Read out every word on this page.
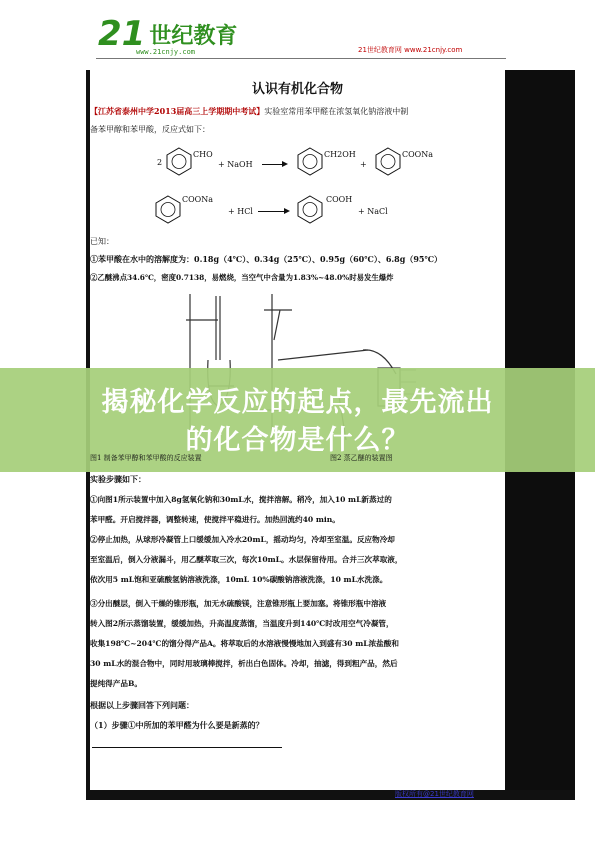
21 世纪教育
www.21cnjy.com	21世纪教育网 www.21cnjy.com
认识有机化合物
【江苏省泰州中学2013届高三上学期期中考试】实验室常用苯甲醛在浓氢氧化钠溶液中制
备苯甲醇和苯甲酸，反应式如下：
2
CHO
+ NaOH →
CH2OH
+
COONa
COONa
+ HCl →
COOH
+ NaCl
已知：
①苯甲酸在水中的溶解度为：0.18g（4℃）、0.34g（25℃）、0.95g（60℃）、6.8g（95℃）
②乙醚沸点34.6℃，密度0.7138，易燃烧，当空气中含量为1.83%~48.0%时易发生爆炸
揭秘化学反应的起点，最先流出
的化合物是什么？
图1 制备苯甲醇和苯甲酸的反应装置	图2 蒸乙醚的装置图
实验步骤如下：
①向图1所示装置中加入8g氢氧化钠和30mL水，搅拌溶解。稍冷，加入10 mL新蒸过的
苯甲醛。开启搅拌器，调整转速，使搅拌平稳进行。加热回流约40 min。
②停止加热，从球形冷凝管上口缓缓加入冷水20mL，摇动均匀，冷却至室温。反应物冷却
至室温后，倒入分液漏斗，用乙醚萃取三次，每次10mL。水层保留待用。合并三次萃取液，
依次用5 mL饱和亚硫酸氢钠溶液洗涤，10mL 10%碳酸钠溶液洗涤，10 mL水洗涤。
③分出醚层，倒入干燥的锥形瓶，加无水硫酸镁，注意锥形瓶上要加塞。将锥形瓶中溶液
转入图2所示蒸馏装置，缓缓加热，升高温度蒸馏，当温度升到140℃时改用空气冷凝管，
收集198℃~204℃的馏分得产品A。将萃取后的水溶液慢慢地加入到盛有30 mL浓盐酸和
30 mL水的混合物中，同时用玻璃棒搅拌，析出白色固体。冷却，抽滤，得到粗产品，然后
提纯得产品B。
根据以上步骤回答下列问题：
（1）步骤①中所加的苯甲醛为什么要是新蒸的？
版权所有@21世纪教育网
